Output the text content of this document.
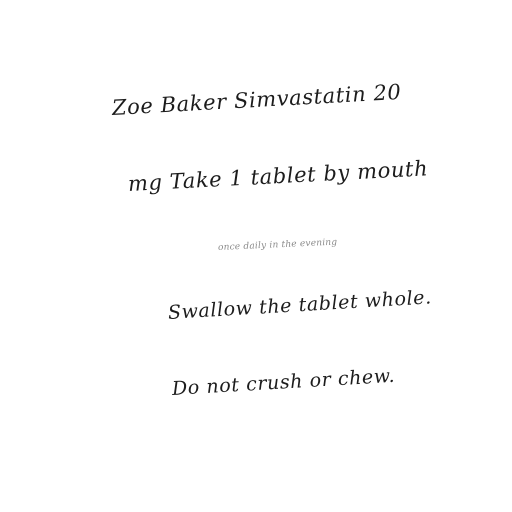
Zoe Baker Simvastatin 20
mg Take 1 tablet by mouth
once daily in the evening
Swallow the tablet whole.
Do not crush or chew.
